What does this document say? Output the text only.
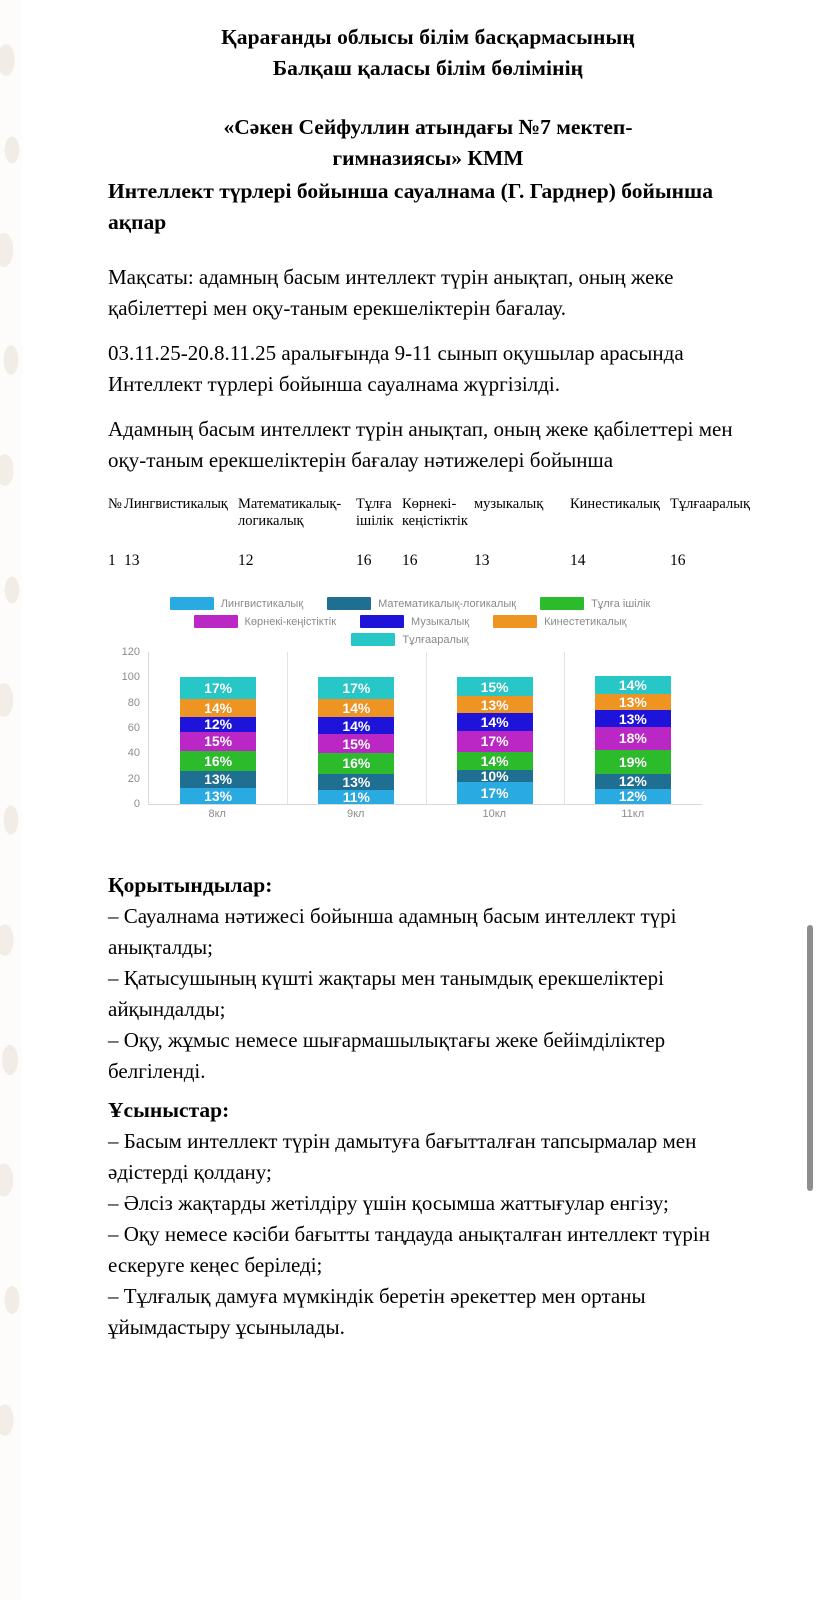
Қарағанды облысы білім басқармасының
Балқаш қаласы білім бөлімінің
«Сәкен Сейфуллин атындағы №7 мектеп-
гимназиясы» КММ
Интеллект түрлері бойынша сауалнама (Г. Гарднер) бойынша ақпар

Мақсаты: адамның басым интеллект түрін анықтап, оның жеке қабілеттері мен оқу-таным ерекшеліктерін бағалау.

03.11.25-20.8.11.25 аралығында 9-11 сынып оқушылар арасында Интеллект түрлері бойынша сауалнама жүргізілді.

Адамның басым интеллект түрін анықтап, оның жеке қабілеттері мен оқу-таным ерекшеліктерін бағалау нәтижелері бойынша

№	Лингвистикалық	Математикалық-логикалық	Тұлға ішілік	Көрнекі-кеңістіктік	музыкалық	Кинестикалық	Тұлғааралық
1	13	12	16	16	13	14	16
Лингвистикалық	Математикалық-логикалық	Тұлға ішілік
Көрнекі-кеңістіктік	Музыкалық	Кинестетикалық
Тұлғааралық
0
20
40
60
80
100
120
13%
13%
16%
15%
12%
14%
17%
11%
13%
16%
15%
14%
14%
17%
17%
10%
14%
17%
14%
13%
15%
12%
12%
19%
18%
13%
13%
14%
8кл	9кл	10кл	11кл
Қорытындылар:

– Сауалнама нәтижесі бойынша адамның басым интеллект түрі анықталды;

– Қатысушының күшті жақтары мен танымдық ерекшеліктері айқындалды;

– Оқу, жұмыс немесе шығармашылықтағы жеке бейімділіктер белгіленді.

Ұсыныстар:

– Басым интеллект түрін дамытуға бағытталған тапсырмалар мен әдістерді қолдану;

– Әлсіз жақтарды жетілдіру үшін қосымша жаттығулар енгізу;

– Оқу немесе кәсіби бағытты таңдауда анықталған интеллект түрін ескеруге кеңес беріледі;

– Тұлғалық дамуға мүмкіндік беретін әрекеттер мен ортаны ұйымдастыру ұсынылады.
